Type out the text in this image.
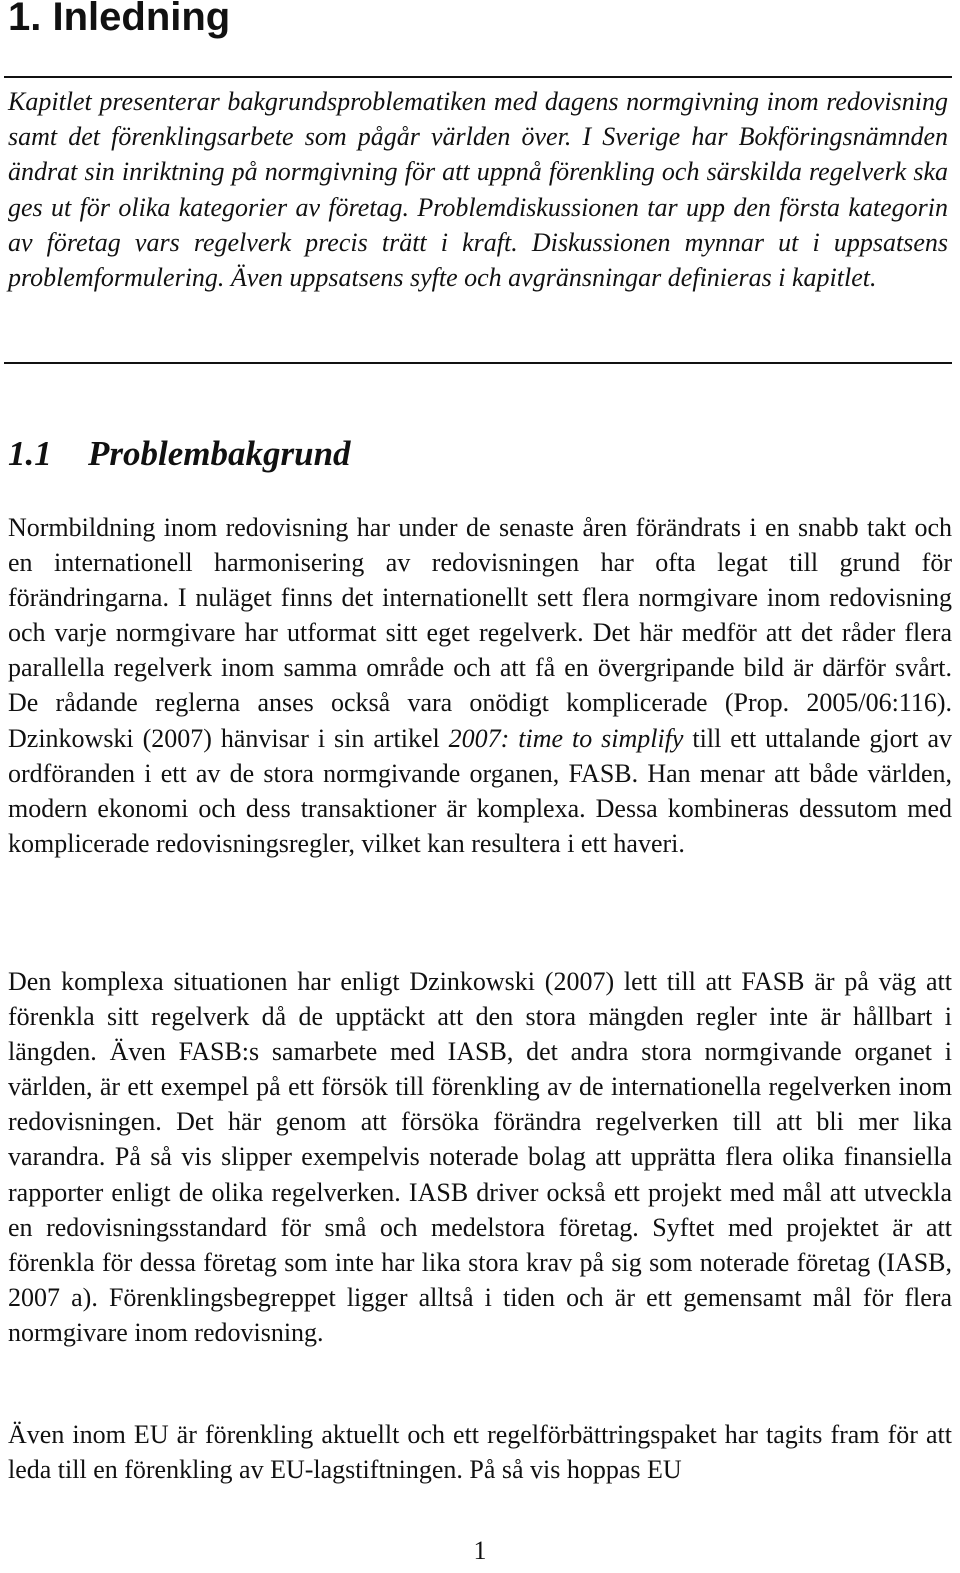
1. Inledning

Kapitlet presenterar bakgrundsproblematiken med dagens normgivning inom redovisning samt det förenklingsarbete som pågår världen över. I Sverige har Bokföringsnämnden ändrat sin inriktning på normgivning för att uppnå förenkling och särskilda regelverk ska ges ut för olika kategorier av företag. Problemdiskussionen tar upp den första kategorin av företag vars regelverk precis trätt i kraft. Diskussionen mynnar ut i uppsatsens problemformulering. Även uppsatsens syfte och avgränsningar definieras i kapitlet.

1.1 Problembakgrund

Normbildning inom redovisning har under de senaste åren förändrats i en snabb takt och en internationell harmonisering av redovisningen har ofta legat till grund för förändringarna. I nuläget finns det internationellt sett flera normgivare inom redovisning och varje normgivare har utformat sitt eget regelverk. Det här medför att det råder flera parallella regelverk inom samma område och att få en övergripande bild är därför svårt. De rådande reglerna anses också vara onödigt komplicerade (Prop. 2005/06:116). Dzinkowski (2007) hänvisar i sin artikel 2007: time to simplify till ett uttalande gjort av ordföranden i ett av de stora normgivande organen, FASB. Han menar att både världen, modern ekonomi och dess transaktioner är komplexa. Dessa kombineras dessutom med komplicerade redovisningsregler, vilket kan resultera i ett haveri.

Den komplexa situationen har enligt Dzinkowski (2007) lett till att FASB är på väg att förenkla sitt regelverk då de upptäckt att den stora mängden regler inte är hållbart i längden. Även FASB:s samarbete med IASB, det andra stora normgivande organet i världen, är ett exempel på ett försök till förenkling av de internationella regelverken inom redovisningen. Det här genom att försöka förändra regelverken till att bli mer lika varandra. På så vis slipper exempelvis noterade bolag att upprätta flera olika finansiella rapporter enligt de olika regelverken. IASB driver också ett projekt med mål att utveckla en redovisningsstandard för små och medelstora företag. Syftet med projektet är att förenkla för dessa företag som inte har lika stora krav på sig som noterade företag (IASB, 2007 a). Förenklingsbegreppet ligger alltså i tiden och är ett gemensamt mål för flera normgivare inom redovisning.

Även inom EU är förenkling aktuellt och ett regelförbättringspaket har tagits fram för att leda till en förenkling av EU-lagstiftningen. På så vis hoppas EU

1
